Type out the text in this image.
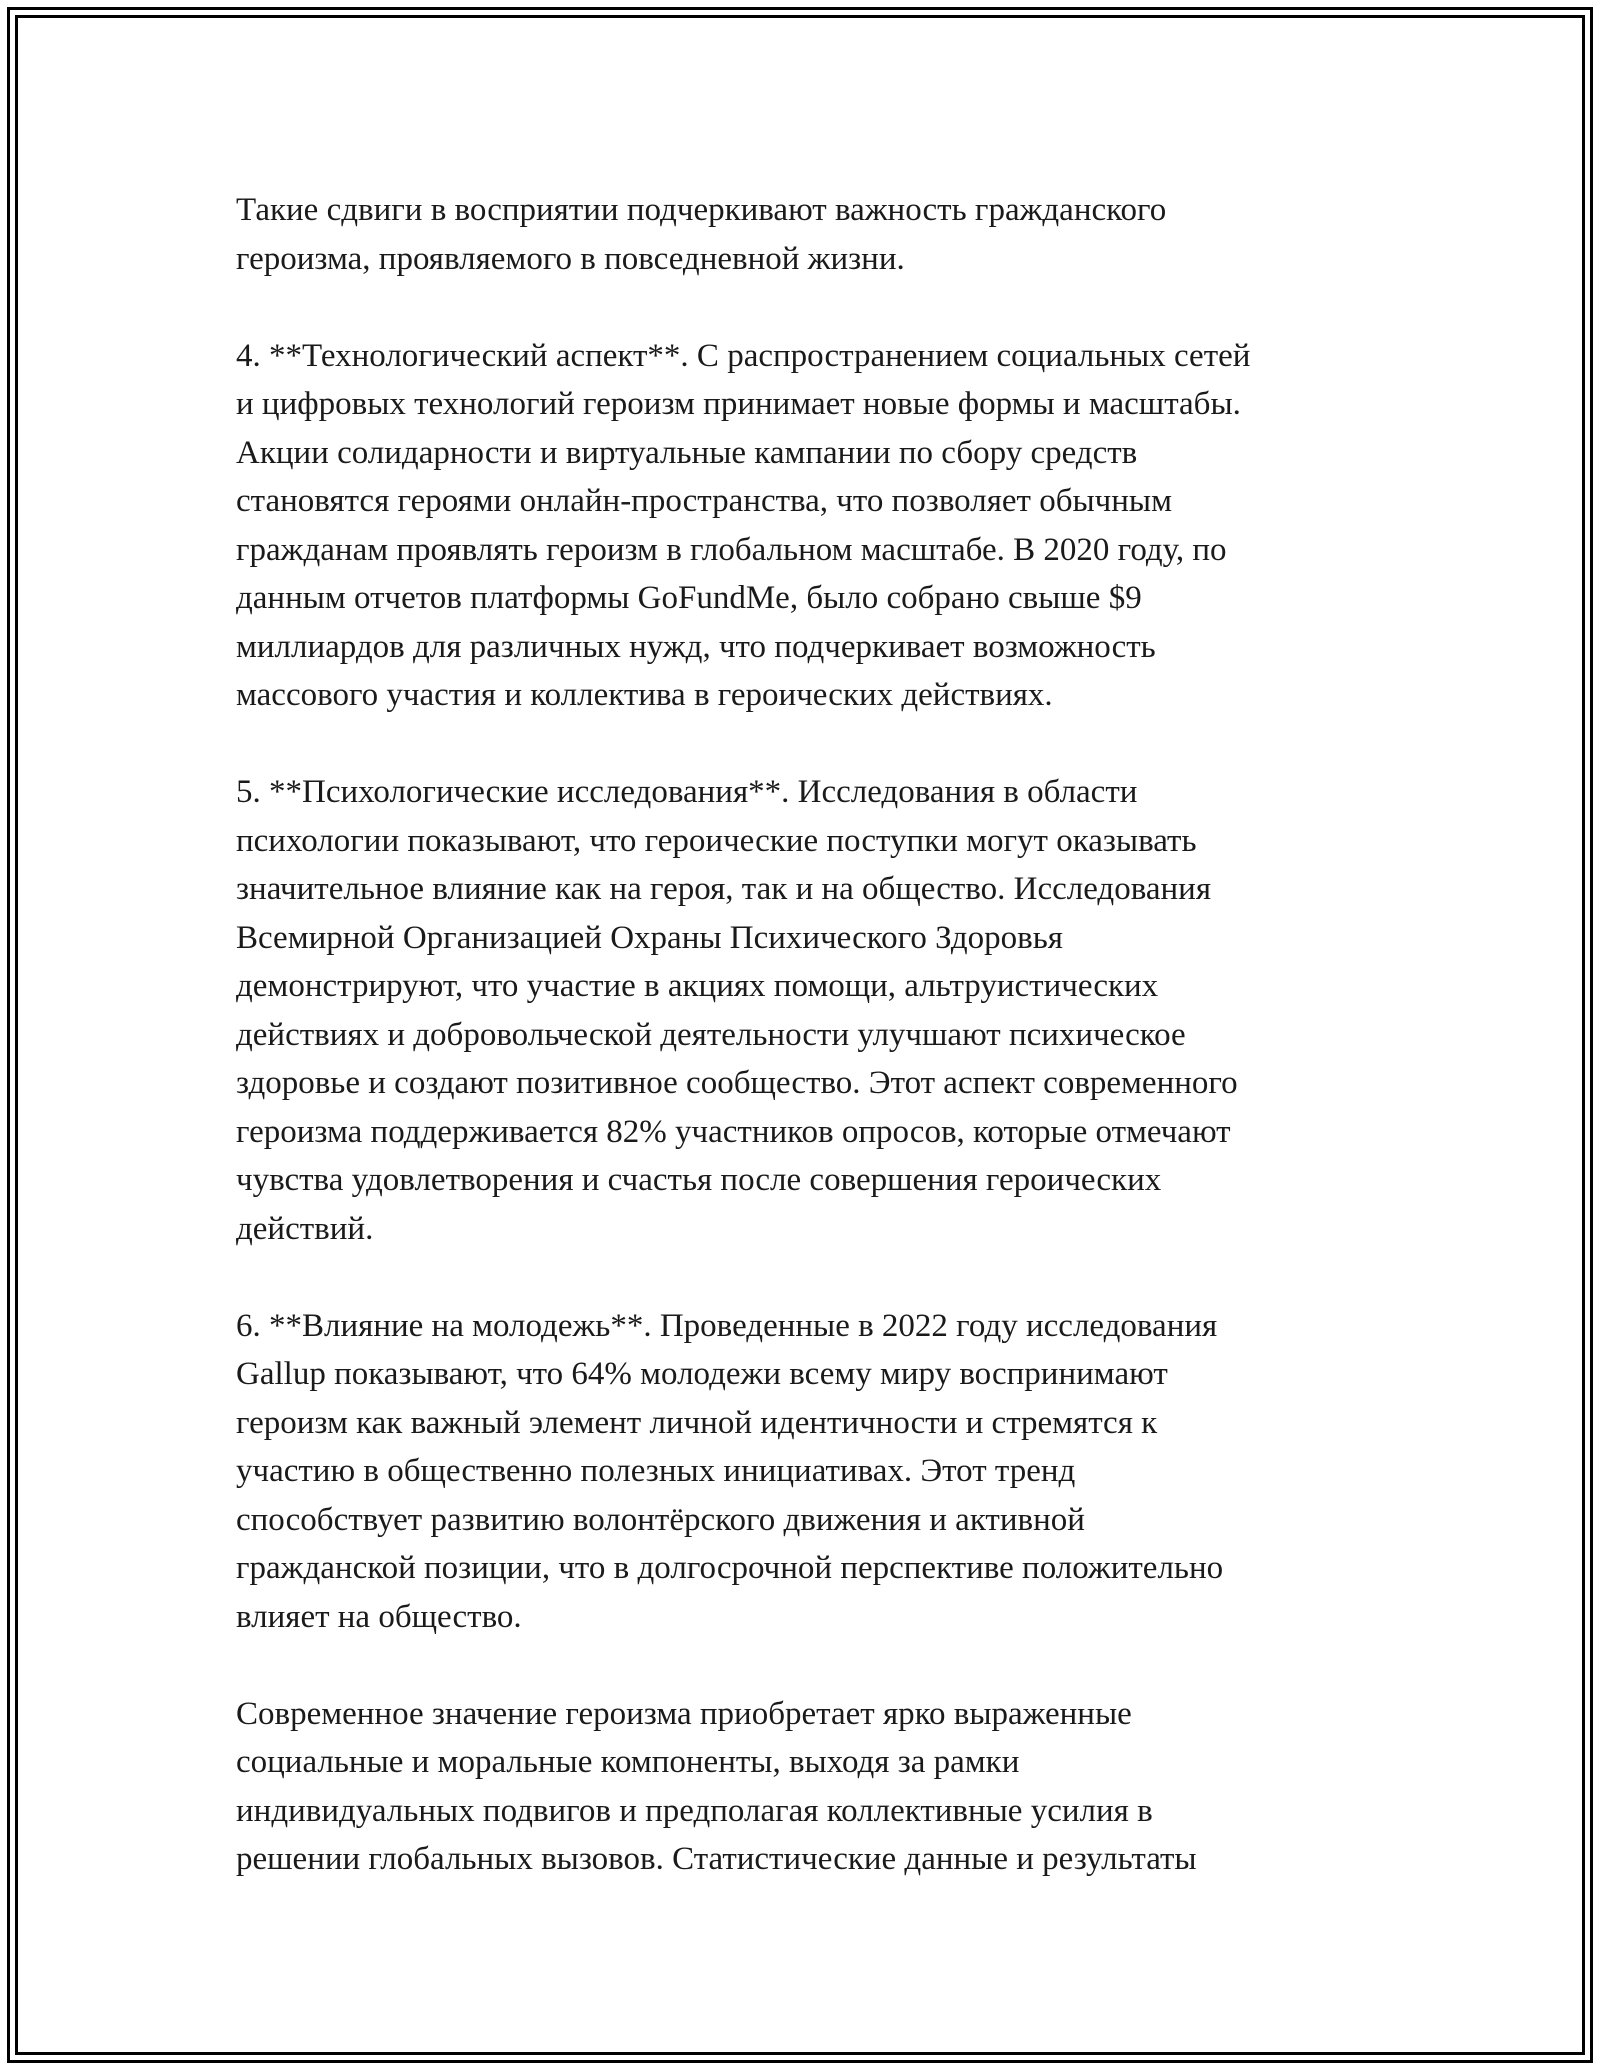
Такие сдвиги в восприятии подчеркивают важность гражданского
героизма, проявляемого в повседневной жизни.

4. **Технологический аспект**. С распространением социальных сетей
и цифровых технологий героизм принимает новые формы и масштабы.
Акции солидарности и виртуальные кампании по сбору средств
становятся героями онлайн-пространства, что позволяет обычным
гражданам проявлять героизм в глобальном масштабе. В 2020 году, по
данным отчетов платформы GoFundMe, было собрано свыше $9
миллиардов для различных нужд, что подчеркивает возможность
массового участия и коллектива в героических действиях.

5. **Психологические исследования**. Исследования в области
психологии показывают, что героические поступки могут оказывать
значительное влияние как на героя, так и на общество. Исследования
Всемирной Организацией Охраны Психического Здоровья
демонстрируют, что участие в акциях помощи, альтруистических
действиях и добровольческой деятельности улучшают психическое
здоровье и создают позитивное сообщество. Этот аспект современного
героизма поддерживается 82% участников опросов, которые отмечают
чувства удовлетворения и счастья после совершения героических
действий.

6. **Влияние на молодежь**. Проведенные в 2022 году исследования
Gallup показывают, что 64% молодежи всему миру воспринимают
героизм как важный элемент личной идентичности и стремятся к
участию в общественно полезных инициативах. Этот тренд
способствует развитию волонтёрского движения и активной
гражданской позиции, что в долгосрочной перспективе положительно
влияет на общество.

Современное значение героизма приобретает ярко выраженные
социальные и моральные компоненты, выходя за рамки
индивидуальных подвигов и предполагая коллективные усилия в
решении глобальных вызовов. Статистические данные и результаты
